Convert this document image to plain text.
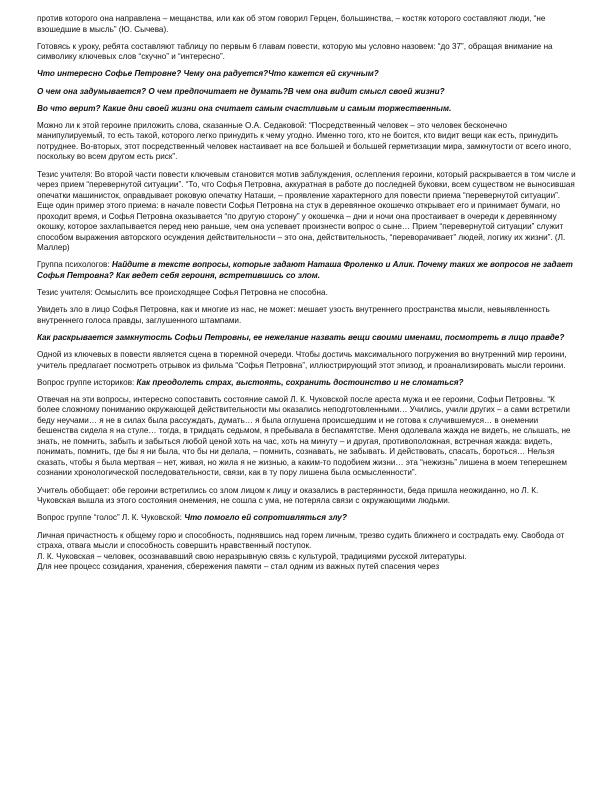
против которого она направлена – мещанства, или как об этом говорил Герцен, большинства, – костяк которого составляют люди, “не взошедшие в мысль” (Ю. Сычева).

Готовясь к уроку, ребята составляют таблицу по первым 6 главам повести, которую мы условно назовем: “до 37”, обращая внимание на символику ключевых слов “скучно” и “интересно”.

Что интересно Софье Петровне? Чему она радуется?Что кажется ей скучным?

О чем она задумывается? О чем предпочитает не думать?В чем она видит смысл своей жизни?

Во что верит? Какие дни своей жизни она считает самым счастливым и самым торжественным.

Можно ли к этой героине приложить слова, сказанные О.А. Седаковой: “Посредственный человек – это человек бесконечно манипулируемый, то есть такой, которого легко принудить к чему угодно. Именно того, кто не боится, кто видит вещи как есть, принудить потруднее. Во-вторых, этот посредственный человек настаивает на все большей и большей герметизации мира, замкнутости от всего иного, поскольку во всем другом есть риск”.

Тезис учителя: Во второй части повести ключевым становится мотив заблуждения, ослепления героини, который раскрывается в том числе и через прием “перевернутой ситуации”. “То, что Софья Петровна, аккуратная в работе до последней буковки, всем существом не выносившая опечатки машинисток, оправдывает роковую опечатку Наташи, – проявление характерного для повести приема “перевернутой ситуации”. Еще один пример этого приема: в начале повести Софья Петровна на стук в деревянное окошечко открывает его и принимает бумаги, но проходит время, и Софья Петровна оказывается “по другую сторону” у окошечка – дни и ночи она простаивает в очереди к деревянному окошку, которое захлапывается перед нею раньше, чем она успевает произнести вопрос о сыне… Прием “перевернутой ситуации” служит способом выражения авторского осуждения действительности – это она, действительность, “переворачивает” людей, логику их жизни”. (Л. Маллер)

Группа психологов: Найдите в тексте вопросы, которые задают Наташа Фроленко и Алик. Почему таких же вопросов не задает Софья Петровна? Как ведет себя героиня, встретившись со злом.

Тезис учителя: Осмыслить все происходящее Софья Петровна не способна.

Увидеть зло в лицо Софья Петровна, как и многие из нас, не может: мешает узость внутреннего пространства мысли, невыявленность внутреннего голоса правды, заглушенного штампами.

Как раскрывается замкнутость Софьи Петровны, ее нежелание назвать вещи своими именами, посмотреть в лицо правде?

Одной из ключевых в повести является сцена в тюремной очереди. Чтобы достичь максимального погружения во внутренний мир героини, учитель предлагает посмотреть отрывок из фильма “Софья Петровна”, иллюстрирующий этот эпизод, и проанализировать мысли героини.

Вопрос группе историков: Как преодолеть страх, выстоять, сохранить достоинство и не сломаться?

Отвечая на эти вопросы, интересно сопоставить состояние самой Л. К. Чуковской после ареста мужа и ее героини, Софьи Петровны. “К более сложному пониманию окружающей действительности мы оказались неподготовленными… Учились, учили других – а сами встретили беду неучами… я не в силах была рассуждать, думать… я была оглушена происшедшим и не готова к случившемуся… в онемении бешенства сидела я на стуле… тогда, в тридцать седьмом, я пребывала в беспамятстве. Меня одолевала жажда не видеть, не слышать, не знать, не помнить, забыть и забыться любой ценой хоть на час, хоть на минуту – и другая, противоположная, встречная жажда: видеть, понимать, помнить, где бы я ни была, что бы ни делала, – помнить, сознавать, не забывать. И действовать, спасать, бороться… Нельзя сказать, чтобы я была мертвая – нет, живая, но жила я не жизнью, а каким-то подобием жизни… эта “нежизнь” лишена в моем теперешнем сознании хронологической последовательности, связи, как в ту пору лишена была осмысленности”.

Учитель обобщает: обе героини встретились со злом лицом к лицу и оказались в растерянности, беда пришла неожиданно, но Л. К. Чуковская вышла из этого состояния онемения, не сошла с ума, не потеряла связи с окружающими людьми.

Вопрос группе “голос” Л. К. Чуковской: Что помогло ей сопротивляться злу?

Личная причастность к общему горю и способность, поднявшись над горем личным, трезво судить ближнего и сострадать ему. Свобода от страха, отвага мысли и способность совершить нравственный поступок.

Л. К. Чуковская – человек, осознававший свою неразрывную связь с культурой, традициями русской литературы.

Для нее процесс созидания, хранения, сбережения памяти – стал одним из важных путей спасения через
